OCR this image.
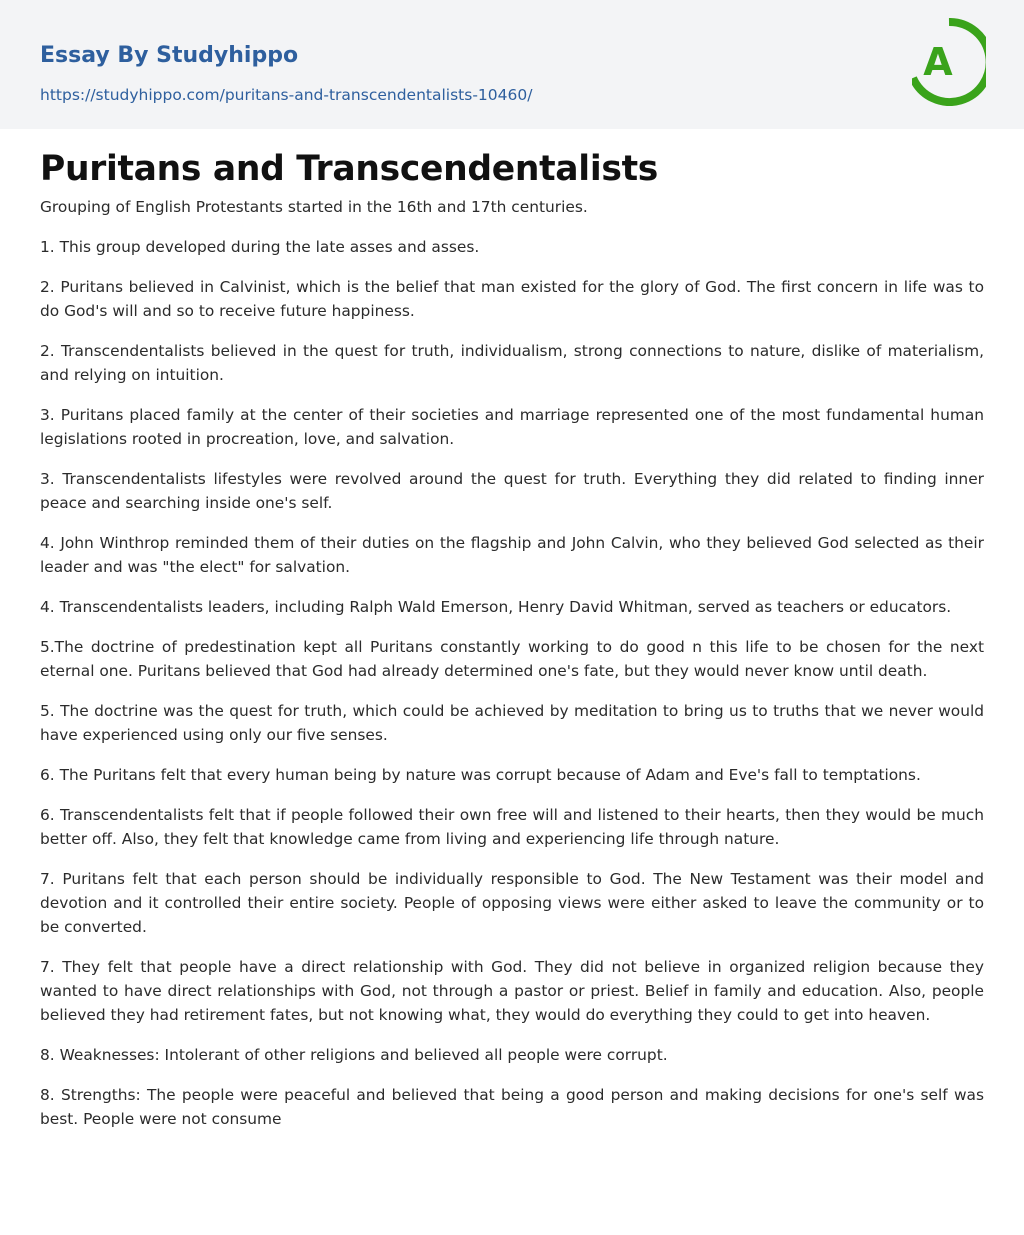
Essay By Studyhippo

https://studyhippo.com/puritans-and-transcendentalists-10460/
A
Puritans and Transcendentalists

Grouping of English Protestants started in the 16th and 17th centuries.

1. This group developed during the late asses and asses.

2. Puritans believed in Calvinist, which is the belief that man existed for the glory of God. The first concern in life was to do God's will and so to receive future happiness.

2. Transcendentalists believed in the quest for truth, individualism, strong connections to nature, dislike of materialism, and relying on intuition.

3. Puritans placed family at the center of their societies and marriage represented one of the most fundamental human legislations rooted in procreation, love, and salvation.

3. Transcendentalists lifestyles were revolved around the quest for truth. Everything they did related to finding inner peace and searching inside one's self.

4. John Winthrop reminded them of their duties on the flagship and John Calvin, who they believed God selected as their leader and was "the elect" for salvation.

4. Transcendentalists leaders, including Ralph Wald Emerson, Henry David Whitman, served as teachers or educators.

5.The doctrine of predestination kept all Puritans constantly working to do good n this life to be chosen for the next eternal one. Puritans believed that God had already determined one's fate, but they would never know until death.

5. The doctrine was the quest for truth, which could be achieved by meditation to bring us to truths that we never would have experienced using only our five senses.

6. The Puritans felt that every human being by nature was corrupt because of Adam and Eve's fall to temptations.

6. Transcendentalists felt that if people followed their own free will and listened to their hearts, then they would be much better off. Also, they felt that knowledge came from living and experiencing life through nature.

7. Puritans felt that each person should be individually responsible to God. The New Testament was their model and devotion and it controlled their entire society. People of opposing views were either asked to leave the community or to be converted.

7. They felt that people have a direct relationship with God. They did not believe in organized religion because they wanted to have direct relationships with God, not through a pastor or priest. Belief in family and education. Also, people believed they had retirement fates, but not knowing what, they would do everything they could to get into heaven.

8. Weaknesses: Intolerant of other religions and believed all people were corrupt.

8. Strengths: The people were peaceful and believed that being a good person and making decisions for one's self was best. People were not consume
